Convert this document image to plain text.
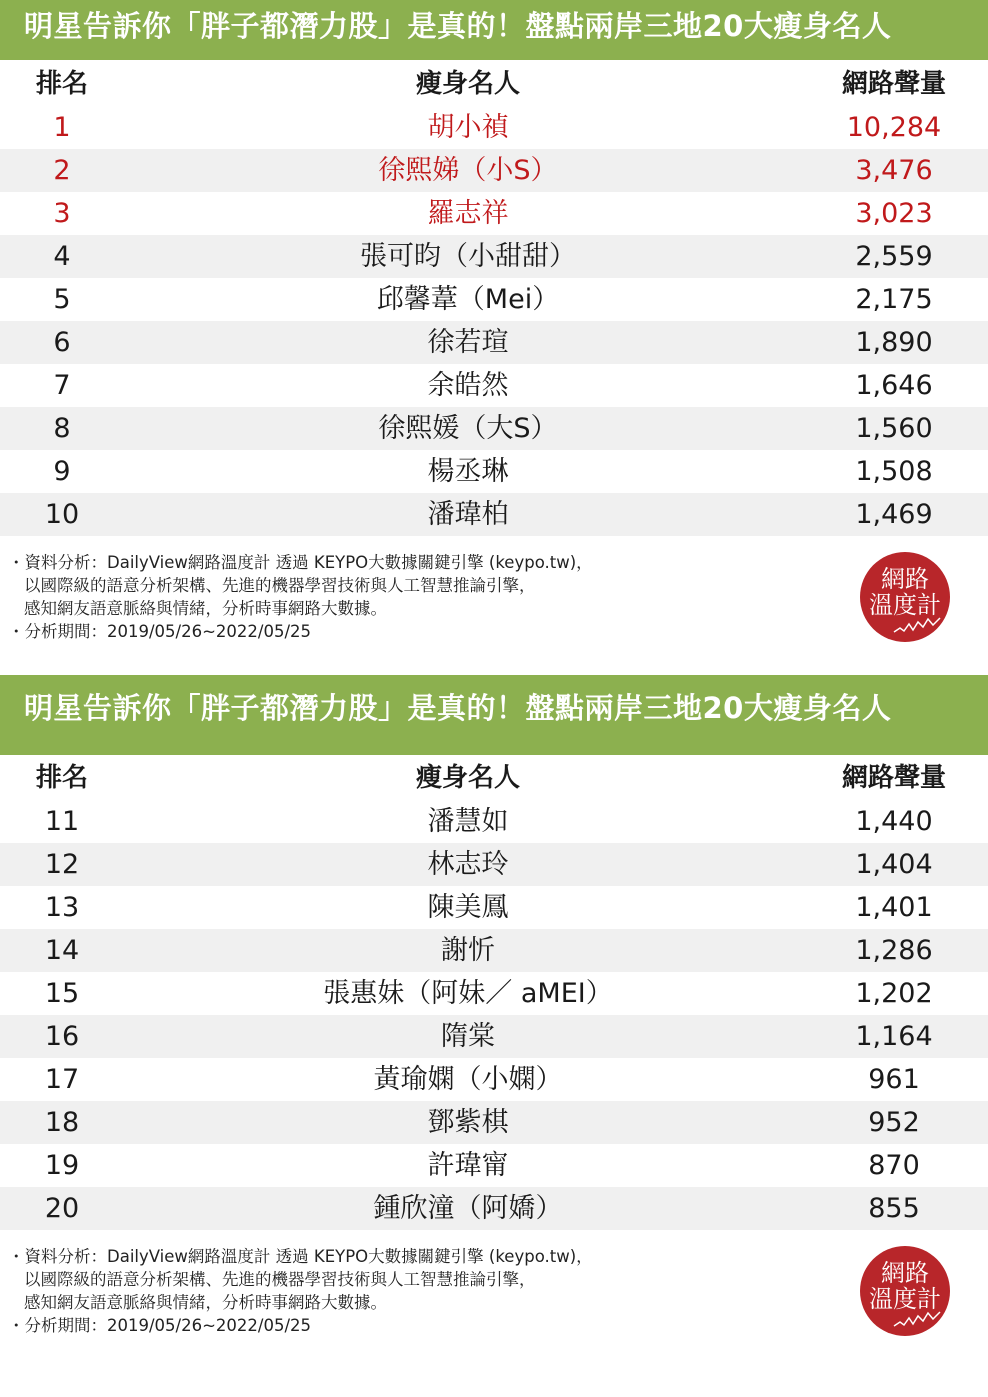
明星告訴你「胖子都潛力股」是真的！盤點兩岸三地20大瘦身名人
排名	瘦身名人	網路聲量
1	胡小禎	10,284
2	徐熙娣（小S）	3,476
3	羅志祥	3,023
4	張可昀（小甜甜）	2,559
5	邱馨葦（Mei）	2,175
6	徐若瑄	1,890
7	余皓然	1,646
8	徐熙媛（大S）	1,560
9	楊丞琳	1,508
10	潘瑋柏	1,469
・資料分析：DailyView網路溫度計 透過 KEYPO大數據關鍵引擎 (keypo.tw)，
以國際級的語意分析架構、先進的機器學習技術與人工智慧推論引擎，
感知網友語意脈絡與情緒，分析時事網路大數據。
・分析期間：2019/05/26~2022/05/25
網路
溫度計
明星告訴你「胖子都潛力股」是真的！盤點兩岸三地20大瘦身名人
排名	瘦身名人	網路聲量
11	潘慧如	1,440
12	林志玲	1,404
13	陳美鳳	1,401
14	謝忻	1,286
15	張惠妹（阿妹／ aMEI）	1,202
16	隋棠	1,164
17	黃瑜嫻（小嫻）	961
18	鄧紫棋	952
19	許瑋甯	870
20	鍾欣潼（阿嬌）	855
・資料分析：DailyView網路溫度計 透過 KEYPO大數據關鍵引擎 (keypo.tw)，
以國際級的語意分析架構、先進的機器學習技術與人工智慧推論引擎，
感知網友語意脈絡與情緒，分析時事網路大數據。
・分析期間：2019/05/26~2022/05/25
網路
溫度計
